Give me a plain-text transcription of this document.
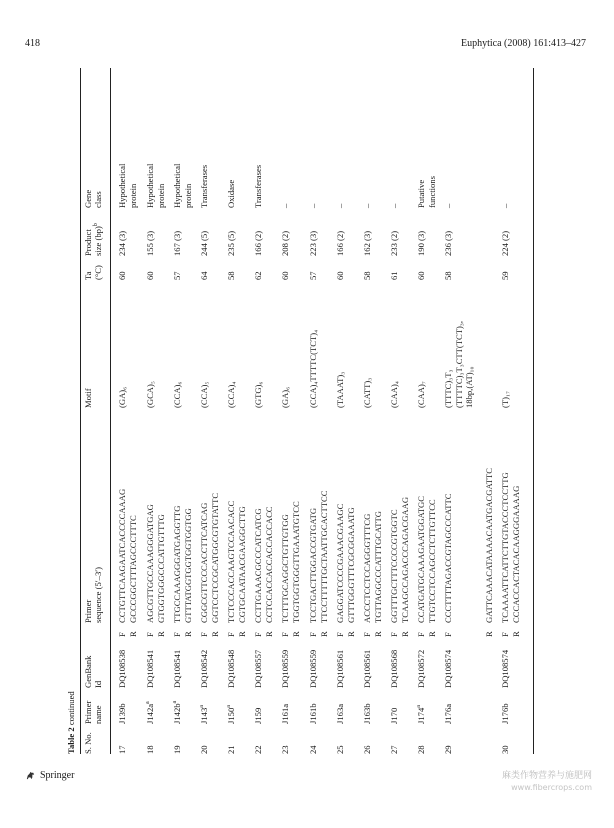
418	Euphytica (2008) 161:413–427
Table 2 continued
S. No.
Primer name
GenBank Id
Primer sequence (5′–3′)
Motif
Ta (°C)
Product size (bp)$^b$
Gene class
17
J139b
DQ108538
F
CCTGTTCAAGAATCACCCCAAAG
R
GCCCGGCTTTAGCCCTTTC
(GA)₆
60
234 (3)
Hypothetical protein
18
$J142a^a$
DQ108541
F
AGCGTTGCCAAAGGGATGAG
R
GTGGTGGGCCCATTGTTTG
(GCA)₅
60
155 (3)
Hypothetical protein
19
$J142b^a$
DQ108541
F
TTGCCAAAGGGATGAGGTTG
R
GTTTATGGTGGTGGTGGTGG
(CCA)₆
57
167 (3)
Hypothetical protein
20
J143$^a$
DQ108542
F
CGGCGTTCCCACCTTCATCAG
R
GGTCCTCCGCATGGCGTGTATTC
(CCA)₅
64
244 (5)
Transferases
21
J150$^a$
DQ108548
F
TCTCCCACCAAGTCCAACACC
R
CGTGCAATAACGAAGGCTTG
(CCA)₄
58
235 (5)
Oxidase
22
J159
DQ108557
F
CCTTGAAACGCCCATCATCG
R
CCTCCACCACCACCACCACC
(GTG)₆
62
166 (2)
Transferases
23
J161a
DQ108559
F
TCTTTGCAGGCTGTTGTGG
R
TGGTGGTGGGTTGAAATGTCC
(GA)₆
60
208 (2)
–
24
J161b
DQ108559
F
TCCTGACTTGGACCGTGATG
R
TTCCTTTTTGCTAATTGCACTTCC
(CCA)₄TTTTC(TCT)₄
57
223 (3)
–
25
J163a
DQ108561
F
GAGGATCCCCGAAACGAAGC
R
GTTTGGGTTTCGCGGAAATG
(TAAAT)₃
60
166 (2)
–
26
J163b
DQ108561
F
ACCCTCCTCCAGGGTTTCG
R
TGTTAGGCCCATTTGCATTG
(CATT)₃
58
162 (3)
–
27
J170
DQ108568
F
GGTTTGCTTTCCCCGTGGTC
R
TCAAGCCAGACCCAGACGAAG
(CAA)₄
61
233 (2)
–
28
J174$^a$
DQ108572
F
CCATGATGCAAAGAATGGATGC
R
TTGTCCTCCAGCCTCTTGTTCC
(CAA)₇
60
190 (3)
Putative functions
29
J176a
DQ108574
F
CCCTTTTAGACCGTAGCCCATTC
R
GATTCAAACATAAAACAATGACGATTC
(TTTC)₃T₃ (TTTTC)₃T₃CTT(TCT)₃, 18bp,(AT)₁₀
58
236 (3)
–
30
J176b
DQ108574
F
TCAAAATTCATTCTTGTACCCTCCTTG
R
CCCACCACTACACAAGGGAAAAG
(T)₁₇
59
224 (2)
–
Springer	麻类作物营养与施肥网
www.fibercrops.com
